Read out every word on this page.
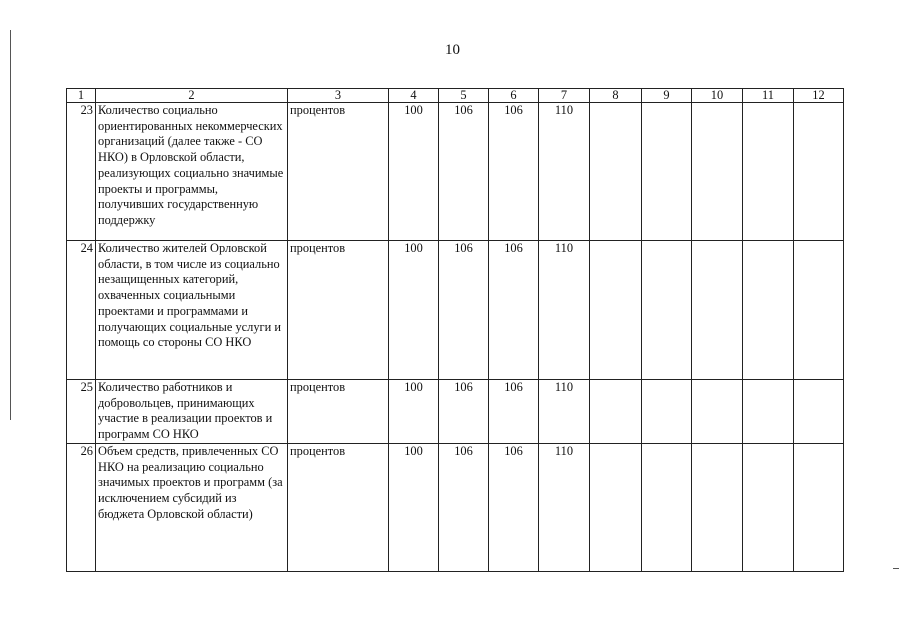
10
1	2	3	4	5	6	7	8	9	10	11	12
23	Количество социально ориентированных некоммерческих организаций (далее также - СО НКО) в Орловской области, реализующих социально значимые проекты и программы, получивших государственную поддержку	процентов	100	106	106	110					
24	Количество жителей Орловской области, в том числе из социально незащищенных категорий, охваченных социальными проектами и программами и получающих социальные услуги и помощь со стороны СО НКО	процентов	100	106	106	110					
25	Количество работников и добровольцев, принимающих участие в реализации проектов и программ СО НКО	процентов	100	106	106	110					
26	Объем средств, привлеченных СО НКО на реализацию социально значимых проектов и программ (за исключением субсидий из бюджета Орловской области)	процентов	100	106	106	110					
